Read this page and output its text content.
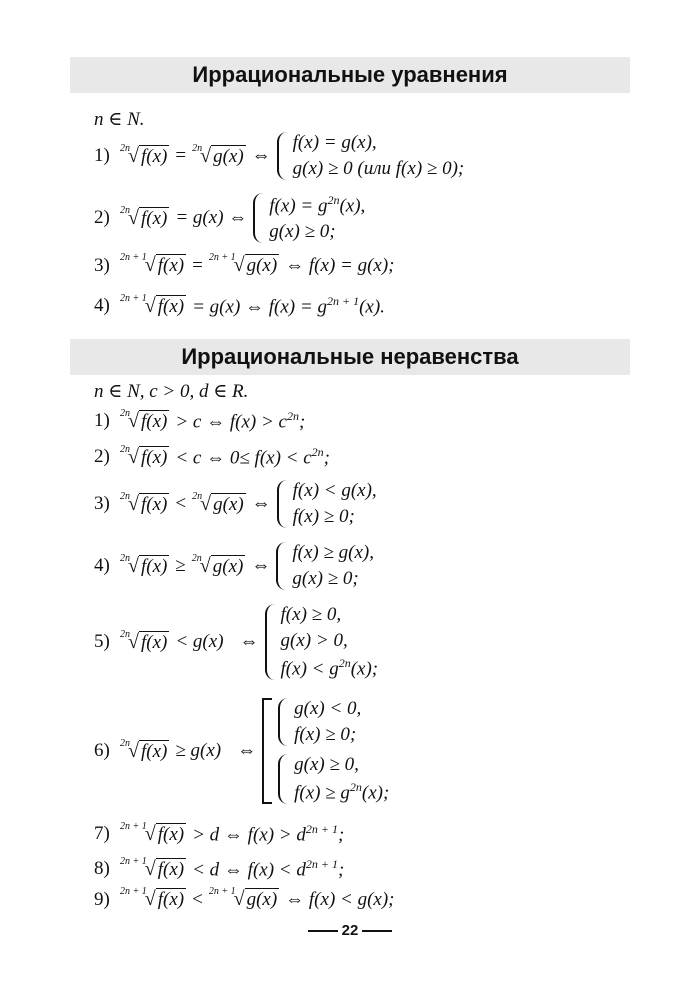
Иррациональные уравнения
n ∈ N.
1)	2n
√ f(x) = 2n
√ g(x) ⇔
f(x) = g(x),
g(x) ≥ 0 (или f(x) ≥ 0);
2)	2n
√ f(x) = g(x) ⇔
$f(x) = g^{2n}(x)$,
g(x) ≥ 0;
3)	2n + 1
√ f(x) = 2n + 1
√ g(x) ⇔ f(x) = g(x);
4)	2n + 1
√ f(x) = g(x) ⇔ $f(x) = g^{2n + 1}(x)$.
Иррациональные неравенства
n ∈ N, c > 0, d ∈ R.
1)	2n
√ f(x) > c ⇔ $f(x) > c^{2n}$;
2)	2n
√ f(x) < c ⇔ $0\le f(x) < c^{2n}$;
3)	2n
√ f(x) < 2n
√ g(x) ⇔
f(x) < g(x),
f(x) ≥ 0;
4)	2n
√ f(x) ≥ 2n
√ g(x) ⇔
f(x) ≥ g(x),
g(x) ≥ 0;
5)	2n
√ f(x) < g(x) ⇔
f(x) ≥ 0,
g(x) > 0,
$f(x) < g^{2n}(x)$;
6)	2n
√ f(x) ≥ g(x) ⇔
g(x) < 0,
f(x) ≥ 0;
g(x) ≥ 0,
$f(x) \ge g^{2n}(x)$;
7)	2n + 1
√ f(x) > d ⇔ $f(x) > d^{2n + 1}$;
8)	2n + 1
√ f(x) < d ⇔ $f(x) < d^{2n + 1}$;
9)	2n + 1
√ f(x) < 2n + 1
√ g(x) ⇔ f(x) < g(x);
22
